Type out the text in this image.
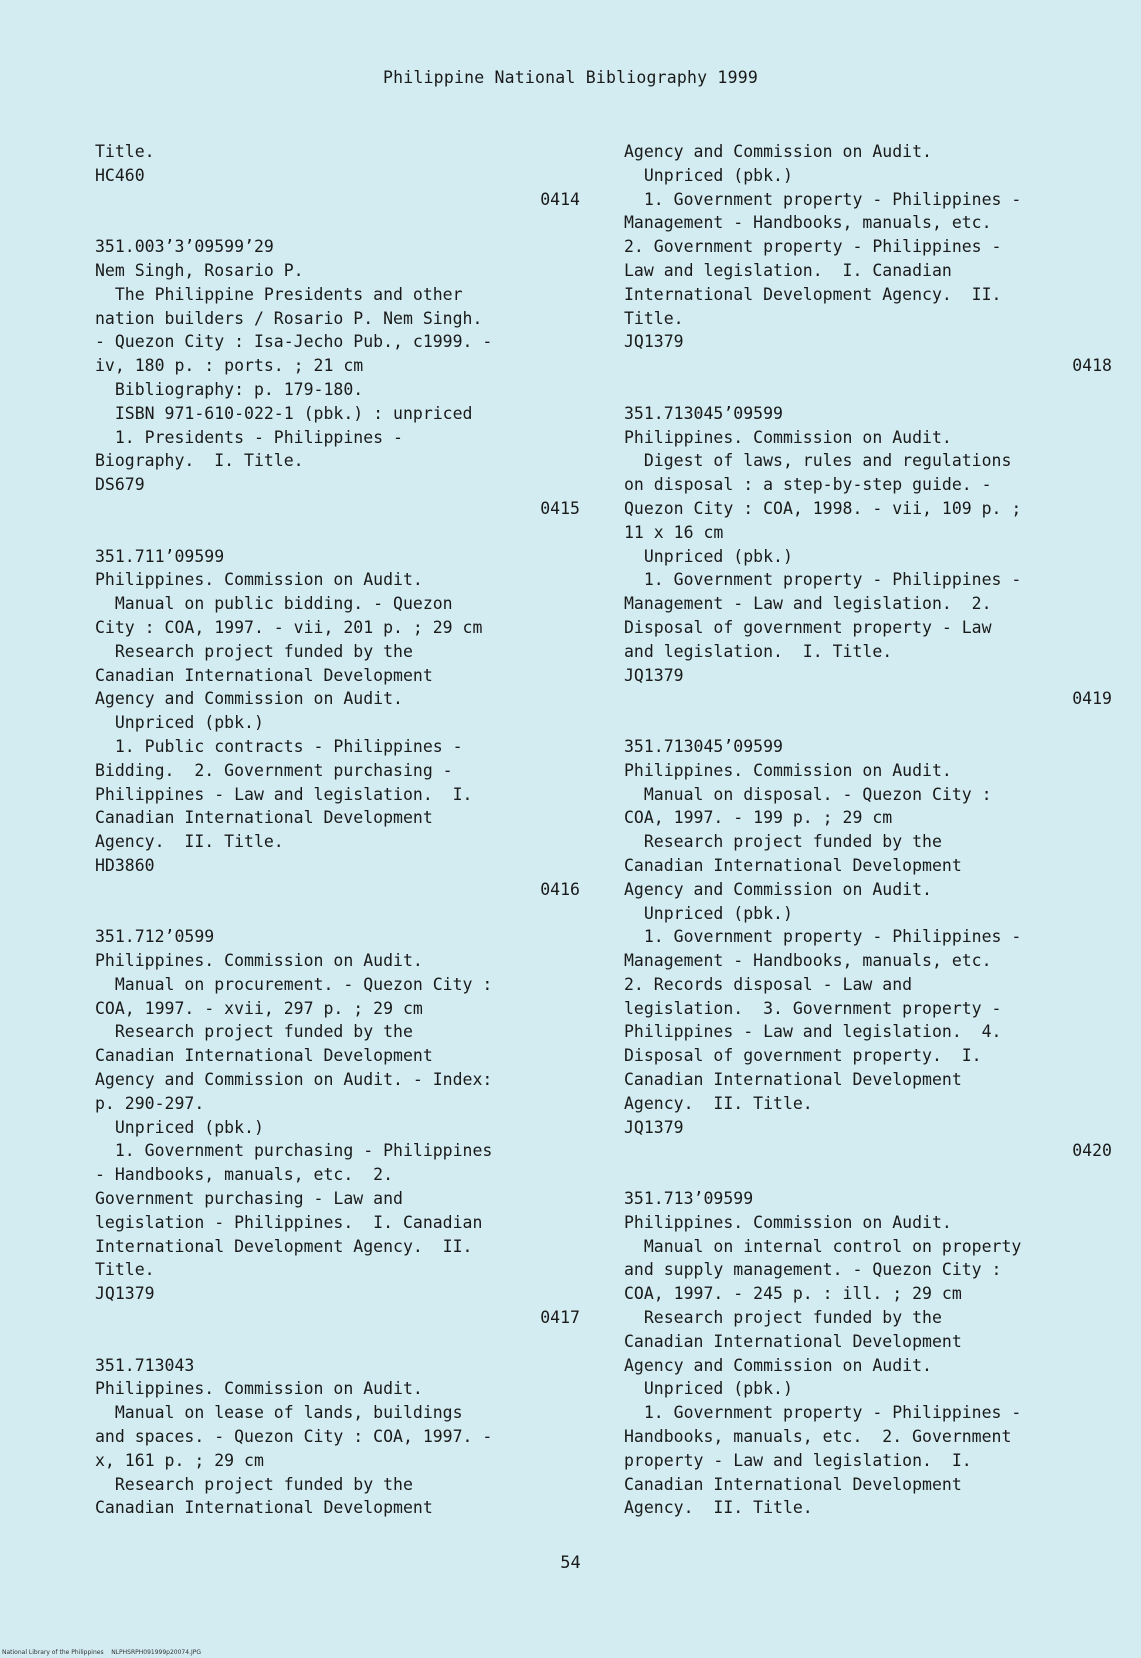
Philippine National Bibliography 1999
Title.
HC460
0414
351.003’3’09599’29
Nem Singh, Rosario P.
The Philippine Presidents and other
nation builders / Rosario P. Nem Singh.
- Quezon City : Isa-Jecho Pub., c1999. -
iv, 180 p. : ports. ; 21 cm
Bibliography: p. 179-180.
ISBN 971-610-022-1 (pbk.) : unpriced
1. Presidents - Philippines -
Biography.  I. Title.
DS679
0415
351.711’09599
Philippines. Commission on Audit.
Manual on public bidding. - Quezon
City : COA, 1997. - vii, 201 p. ; 29 cm
Research project funded by the
Canadian International Development
Agency and Commission on Audit.
Unpriced (pbk.)
1. Public contracts - Philippines -
Bidding.  2. Government purchasing -
Philippines - Law and legislation.  I.
Canadian International Development
Agency.  II. Title.
HD3860
0416
351.712’0599
Philippines. Commission on Audit.
Manual on procurement. - Quezon City :
COA, 1997. - xvii, 297 p. ; 29 cm
Research project funded by the
Canadian International Development
Agency and Commission on Audit. - Index:
p. 290-297.
Unpriced (pbk.)
1. Government purchasing - Philippines
- Handbooks, manuals, etc.  2.
Government purchasing - Law and
legislation - Philippines.  I. Canadian
International Development Agency.  II.
Title.
JQ1379
0417
351.713043
Philippines. Commission on Audit.
Manual on lease of lands, buildings
and spaces. - Quezon City : COA, 1997. -
x, 161 p. ; 29 cm
Research project funded by the
Canadian International Development
Agency and Commission on Audit.
Unpriced (pbk.)
1. Government property - Philippines -
Management - Handbooks, manuals, etc.
2. Government property - Philippines -
Law and legislation.  I. Canadian
International Development Agency.  II.
Title.
JQ1379
0418
351.713045’09599
Philippines. Commission on Audit.
Digest of laws, rules and regulations
on disposal : a step-by-step guide. -
Quezon City : COA, 1998. - vii, 109 p. ;
11 x 16 cm
Unpriced (pbk.)
1. Government property - Philippines -
Management - Law and legislation.  2.
Disposal of government property - Law
and legislation.  I. Title.
JQ1379
0419
351.713045’09599
Philippines. Commission on Audit.
Manual on disposal. - Quezon City :
COA, 1997. - 199 p. ; 29 cm
Research project funded by the
Canadian International Development
Agency and Commission on Audit.
Unpriced (pbk.)
1. Government property - Philippines -
Management - Handbooks, manuals, etc.
2. Records disposal - Law and
legislation.  3. Government property -
Philippines - Law and legislation.  4.
Disposal of government property.  I.
Canadian International Development
Agency.  II. Title.
JQ1379
0420
351.713’09599
Philippines. Commission on Audit.
Manual on internal control on property
and supply management. - Quezon City :
COA, 1997. - 245 p. : ill. ; 29 cm
Research project funded by the
Canadian International Development
Agency and Commission on Audit.
Unpriced (pbk.)
1. Government property - Philippines -
Handbooks, manuals, etc.  2. Government
property - Law and legislation.  I.
Canadian International Development
Agency.  II. Title.
54
National Library of the Philippines    NLPHSRPH091999p20074.JPG
